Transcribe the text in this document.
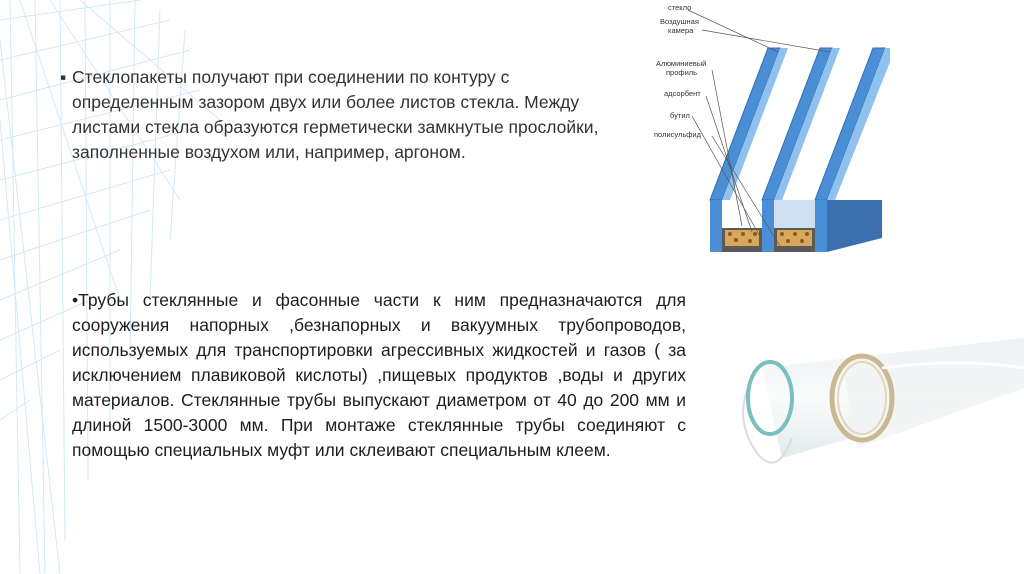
▪ Стеклопакеты получают при соединении по контуру с определенным зазором двух или более листов стекла. Между листами стекла образуются герметически замкнутые прослойки, заполненные воздухом или, например, аргоном.
•Трубы стеклянные и фасонные части к ним предназначаются для сооружения напорных ,безнапорных и вакуумных трубопроводов, используемых для транспортировки агрессивных жидкостей и газов ( за исключением плавиковой кислоты) ,пищевых продуктов ,воды и других материалов. Стеклянные трубы выпускают диаметром от 40 до 200 мм и длиной 1500-3000 мм. При монтаже стеклянные трубы соединяют с помощью специальных муфт или склеивают специальным клеем.
стекло
Воздушная
камера
Алюминиевый
профиль
адсорбент
бутил
полисульфид
